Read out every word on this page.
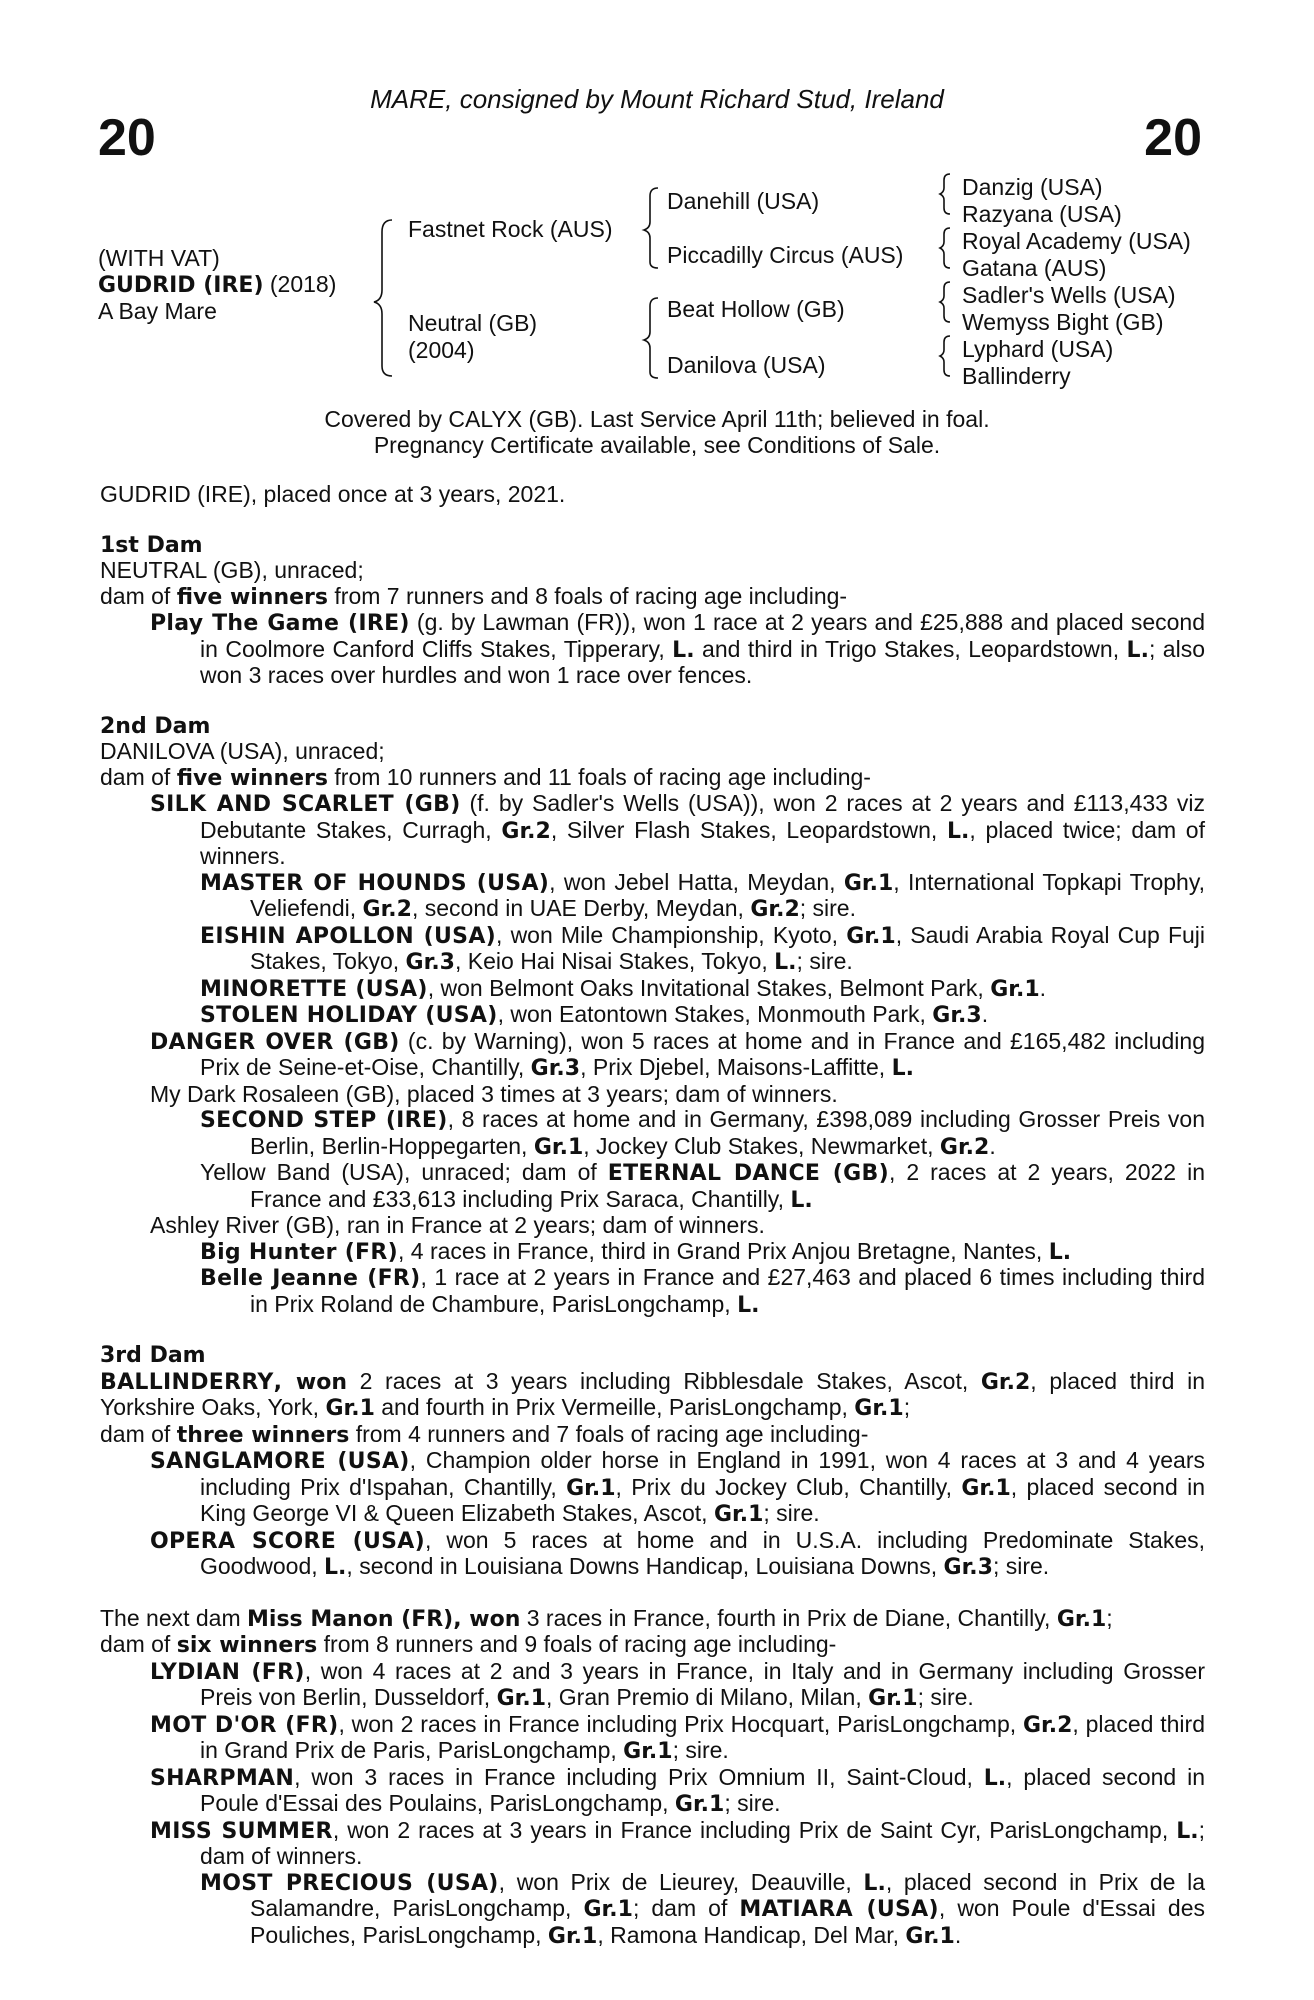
20	20
MARE, consigned by Mount Richard Stud, Ireland
(WITH VAT)
GUDRID (IRE) (2018)
A Bay Mare
Fastnet Rock (AUS)
Neutral (GB)
(2004)
Danehill (USA)
Piccadilly Circus (AUS)
Beat Hollow (GB)
Danilova (USA)
Danzig (USA)
Razyana (USA)
Royal Academy (USA)
Gatana (AUS)
Sadler's Wells (USA)
Wemyss Bight (GB)
Lyphard (USA)
Ballinderry
Covered by CALYX (GB). Last Service April 11th; believed in foal.
Pregnancy Certificate available, see Conditions of Sale.

GUDRID (IRE), placed once at 3 years, 2021.

1st Dam

NEUTRAL (GB), unraced;

dam of five winners from 7 runners and 8 foals of racing age including-

Play The Game (IRE) (g. by Lawman (FR)), won 1 race at 2 years and £25,888 and placed second in Coolmore Canford Cliffs Stakes, Tipperary, L. and third in Trigo Stakes, Leopardstown, L.; also won 3 races over hurdles and won 1 race over fences.

2nd Dam

DANILOVA (USA), unraced;

dam of five winners from 10 runners and 11 foals of racing age including-

SILK AND SCARLET (GB) (f. by Sadler's Wells (USA)), won 2 races at 2 years and £113,433 viz Debutante Stakes, Curragh, Gr.2, Silver Flash Stakes, Leopardstown, L., placed twice; dam of winners.

MASTER OF HOUNDS (USA), won Jebel Hatta, Meydan, Gr.1, International Topkapi Trophy, Veliefendi, Gr.2, second in UAE Derby, Meydan, Gr.2; sire.

EISHIN APOLLON (USA), won Mile Championship, Kyoto, Gr.1, Saudi Arabia Royal Cup Fuji Stakes, Tokyo, Gr.3, Keio Hai Nisai Stakes, Tokyo, L.; sire.

MINORETTE (USA), won Belmont Oaks Invitational Stakes, Belmont Park, Gr.1.

STOLEN HOLIDAY (USA), won Eatontown Stakes, Monmouth Park, Gr.3.

DANGER OVER (GB) (c. by Warning), won 5 races at home and in France and £165,482 including Prix de Seine-et-Oise, Chantilly, Gr.3, Prix Djebel, Maisons-Laffitte, L.

My Dark Rosaleen (GB), placed 3 times at 3 years; dam of winners.

SECOND STEP (IRE), 8 races at home and in Germany, £398,089 including Grosser Preis von Berlin, Berlin-Hoppegarten, Gr.1, Jockey Club Stakes, Newmarket, Gr.2.

Yellow Band (USA), unraced; dam of ETERNAL DANCE (GB), 2 races at 2 years, 2022 in France and £33,613 including Prix Saraca, Chantilly, L.

Ashley River (GB), ran in France at 2 years; dam of winners.

Big Hunter (FR), 4 races in France, third in Grand Prix Anjou Bretagne, Nantes, L.

Belle Jeanne (FR), 1 race at 2 years in France and £27,463 and placed 6 times including third in Prix Roland de Chambure, ParisLongchamp, L.

3rd Dam

BALLINDERRY, won 2 races at 3 years including Ribblesdale Stakes, Ascot, Gr.2, placed third in Yorkshire Oaks, York, Gr.1 and fourth in Prix Vermeille, ParisLongchamp, Gr.1;

dam of three winners from 4 runners and 7 foals of racing age including-

SANGLAMORE (USA), Champion older horse in England in 1991, won 4 races at 3 and 4 years including Prix d'Ispahan, Chantilly, Gr.1, Prix du Jockey Club, Chantilly, Gr.1, placed second in King George VI & Queen Elizabeth Stakes, Ascot, Gr.1; sire.

OPERA SCORE (USA), won 5 races at home and in U.S.A. including Predominate Stakes, Goodwood, L., second in Louisiana Downs Handicap, Louisiana Downs, Gr.3; sire.

The next dam Miss Manon (FR), won 3 races in France, fourth in Prix de Diane, Chantilly, Gr.1;

dam of six winners from 8 runners and 9 foals of racing age including-

LYDIAN (FR), won 4 races at 2 and 3 years in France, in Italy and in Germany including Grosser Preis von Berlin, Dusseldorf, Gr.1, Gran Premio di Milano, Milan, Gr.1; sire.

MOT D'OR (FR), won 2 races in France including Prix Hocquart, ParisLongchamp, Gr.2, placed third in Grand Prix de Paris, ParisLongchamp, Gr.1; sire.

SHARPMAN, won 3 races in France including Prix Omnium II, Saint-Cloud, L., placed second in Poule d'Essai des Poulains, ParisLongchamp, Gr.1; sire.

MISS SUMMER, won 2 races at 3 years in France including Prix de Saint Cyr, ParisLongchamp, L.; dam of winners.

MOST PRECIOUS (USA), won Prix de Lieurey, Deauville, L., placed second in Prix de la Salamandre, ParisLongchamp, Gr.1; dam of MATIARA (USA), won Poule d'Essai des Pouliches, ParisLongchamp, Gr.1, Ramona Handicap, Del Mar, Gr.1.
